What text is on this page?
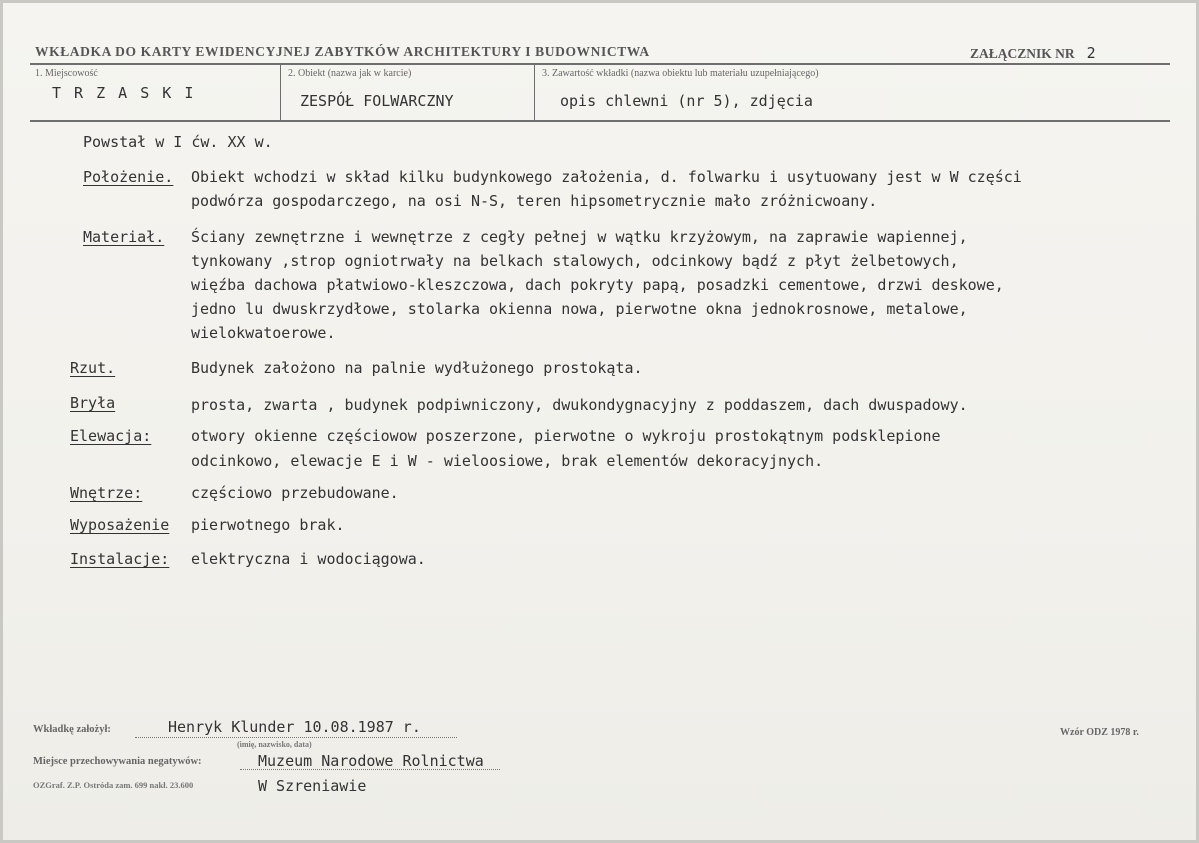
WKŁADKA DO KARTY EWIDENCYJNEJ ZABYTKÓW ARCHITEKTURY I BUDOWNICTWA	ZAŁĄCZNIK NR 2
1. Miejscowość
T R Z A S K I
2. Obiekt (nazwa jak w karcie)
ZESPÓŁ FOLWARCZNY
3. Zawartość wkładki (nazwa obiektu lub materiału uzupełniającego)
opis chlewni (nr 5), zdjęcia
Powstał w I ćw. XX w.
Położenie. Obiekt wchodzi w skład kilku budynkowego założenia, d. folwarku i usytuowany jest w W części
podwórza gospodarczego, na osi N-S, teren hipsometrycznie mało zróżnicwoany.
Materiał. Ściany zewnętrzne i wewnętrze z cegły pełnej w wątku krzyżowym, na zaprawie wapiennej,
tynkowany ,strop ogniotrwały na belkach stalowych, odcinkowy bądź z płyt żelbetowych,
więźba dachowa płatwiowo-kleszczowa, dach pokryty papą, posadzki cementowe, drzwi deskowe,
jedno lu dwuskrzydłowe, stolarka okienna nowa, pierwotne okna jednokrosnowe, metalowe,
wielokwatoerowe.
Rzut.	Budynek założono na palnie wydłużonego prostokąta.
Bryła	prosta, zwarta , budynek podpiwniczony, dwukondygnacyjny z poddaszem, dach dwuspadowy.
Elewacja:	otwory okienne częściowow poszerzone, pierwotne o wykroju prostokątnym podsklepione
odcinkowo, elewacje E i W - wieloosiowe, brak elementów dekoracyjnych.
Wnętrze:	częściowo przebudowane.
Wyposażenie pierwotnego brak.
Instalacje: elektryczna i wodociągowa.
Wkładkę założył:	Henryk Klunder 10.08.1987 r.
(imię, nazwisko, data)
Miejsce przechowywania negatywów:	Muzeum Narodowe Rolnictwa
W Szreniawie
OZGraf. Z.P. Ostróda zam. 699 nakł. 23.600
Wzór ODZ 1978 r.
